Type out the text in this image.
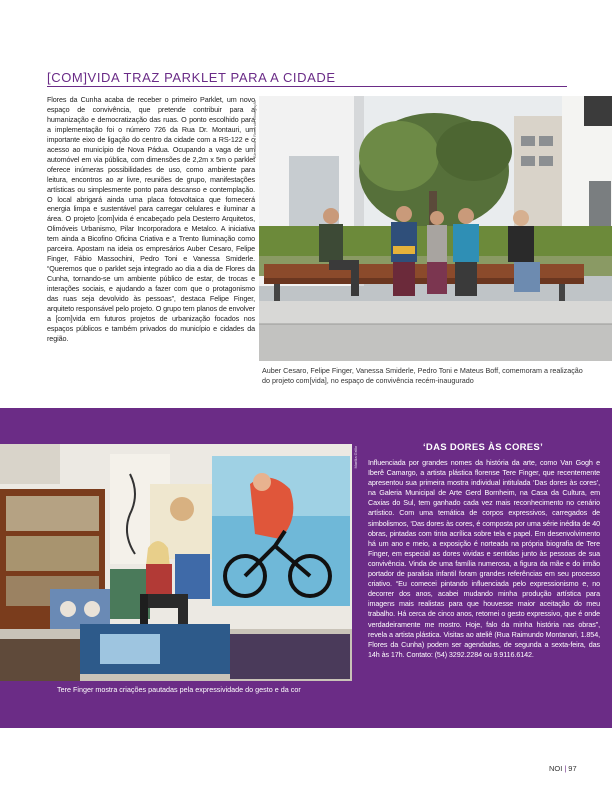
[COM]VIDA TRAZ PARKLET PARA A CIDADE

Flores da Cunha acaba de receber o primeiro Parklet, um novo espaço de convivência, que pretende contribuir para a humanização e democratização das ruas. O ponto escolhido para a implementação foi o número 726 da Rua Dr. Montauri, um importante eixo de ligação do centro da cidade com a RS-122 e o acesso ao município de Nova Pádua. Ocupando a vaga de um automóvel em via pública, com dimensões de 2,2m x 5m o parklet oferece inúmeras possibilidades de uso, como ambiente para leitura, encontros ao ar livre, reuniões de grupo, manifestações artísticas ou simplesmente ponto para descanso e contemplação. O local abrigará ainda uma placa fotovoltaica que fornecerá energia limpa e sustentável para carregar celulares e iluminar a área. O projeto [com]vida é encabeçado pela Desterro Arquitetos, Olimóveis Urbanismo, Pilar Incorporadora e Metalco. A iniciativa tem ainda a Bicofino Oficina Criativa e a Trento Iluminação como parceira. Apostam na ideia os empresários Auber Cesaro, Felipe Finger, Fábio Massochini, Pedro Toni e Vanessa Smiderle. “Queremos que o parklet seja integrado ao dia a dia de Flores da Cunha, tornando-se um ambiente público de estar, de trocas e interações sociais, e ajudando a fazer com que o protagonismo das ruas seja devolvido às pessoas”, destaca Felipe Finger, arquiteto responsável pelo projeto. O grupo tem planos de envolver a [com]vida em futuros projetos de urbanização focados nos espaços públicos e também privados do município e cidades da região.

Alessandra Rezende Divulgação
Auber Cesaro, Felipe Finger, Vanessa Smiderle, Pedro Toni e Mateus Boff, comemoram a realização do projeto com[vida], no espaço de convivência recém-inaugurado
Marília Grillo
Tere Finger mostra criações pautadas pela expressividade do gesto e da cor
‘DAS DORES ÀS CORES’

Influenciada por grandes nomes da história da arte, como Van Gogh e Iberê Camargo, a artista plástica florense Tere Finger, que recentemente apresentou sua primeira mostra individual intitulada ‘Das dores às cores’, na Galeria Municipal de Arte Gerd Bornheim, na Casa da Cultura, em Caxias do Sul, tem ganhado cada vez mais reconhecimento no cenário artístico. Com uma temática de corpos expressivos, carregados de simbolismos, ‘Das dores às cores, é composta por uma série inédita de 40 obras, pintadas com tinta acrílica sobre tela e papel. Em desenvolvimento há um ano e meio, a exposição é norteada na própria biografia de Tere Finger, em especial as dores vividas e sentidas junto às pessoas de sua convivência. Vinda de uma família numerosa, a figura da mãe e do irmão portador de paralisia infantil foram grandes referências em seu processo criativo. “Eu comecei pintando influenciada pelo expressionismo e, no decorrer dos anos, acabei mudando minha produção artística para imagens mais realistas para que houvesse maior aceitação do meu trabalho. Há cerca de cinco anos, retomei o gesto expressivo, que é onde verdadeiramente me mostro. Hoje, falo da minha história nas obras”, revela a artista plástica. Visitas ao ateliê (Rua Raimundo Montanari, 1.854, Flores da Cunha) podem ser agendadas, de segunda a sexta-feira, das 14h às 17h. Contato: (54) 3292.2284 ou 9.9116.6142.

NOI | 97
